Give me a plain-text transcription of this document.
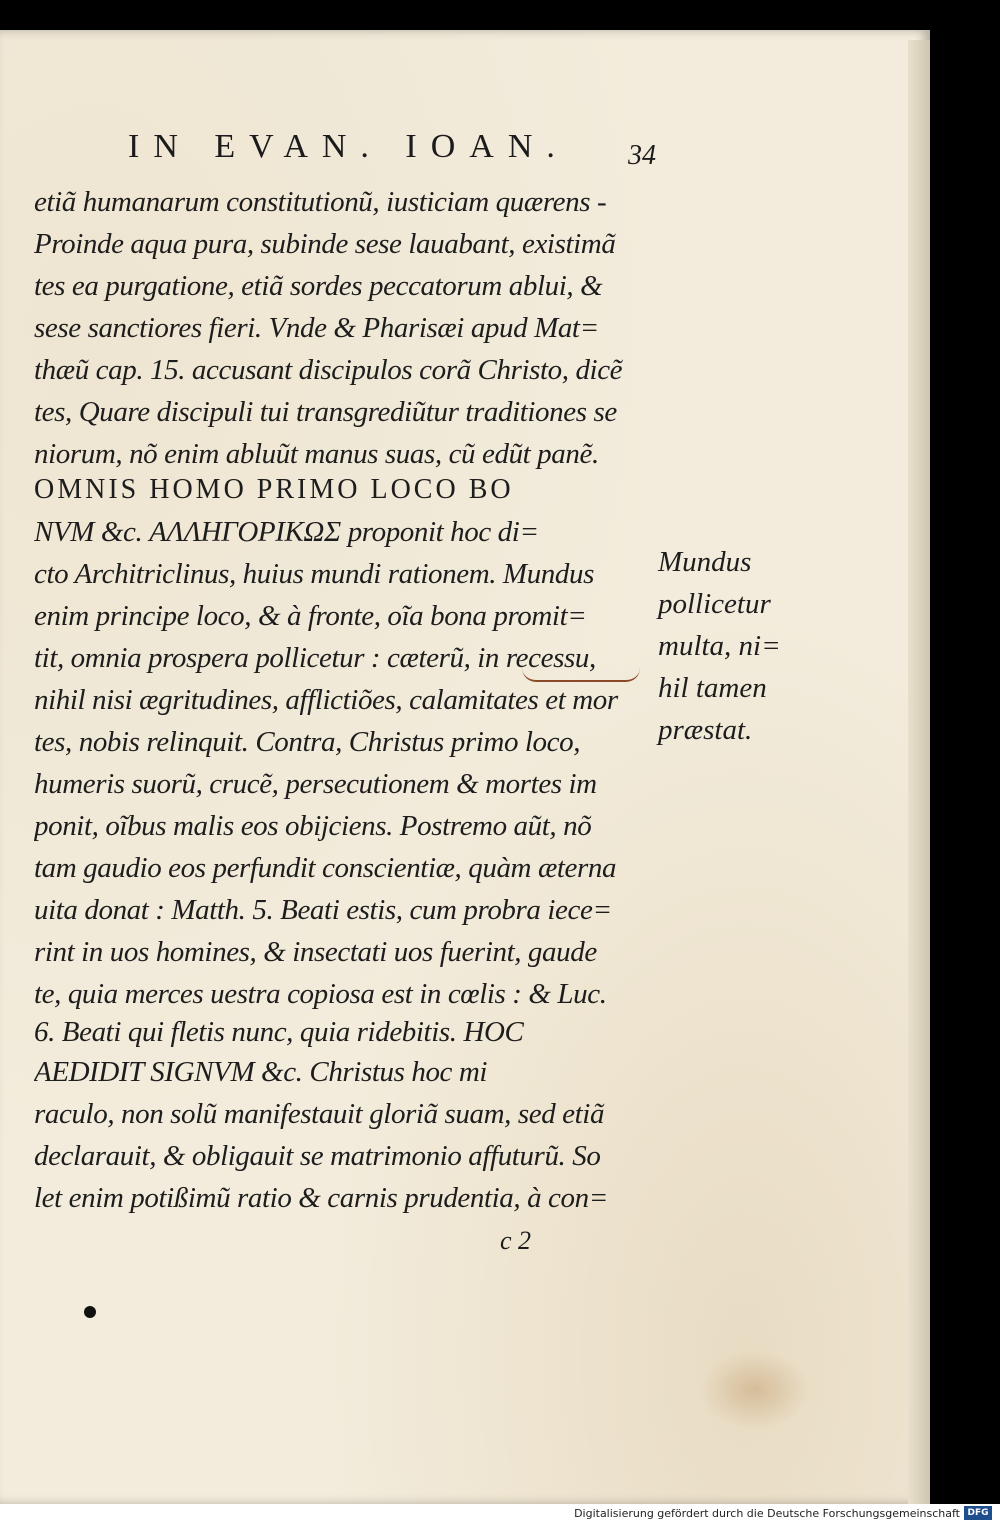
IN EVAN. IOAN. 34
etiã humanarum constitutionũ, iusticiam quærens -
Proinde aqua pura, subinde sese lauabant, existimã
tes ea purgatione, etiã sordes peccatorum ablui, &
sese sanctiores fieri. Vnde & Pharisæi apud Mat=
thæũ cap. 15. accusant discipulos corã Christo, dicẽ
tes, Quare discipuli tui transgrediũtur traditiones se
niorum, nõ enim abluũt manus suas, cũ edũt panẽ.
OMNIS HOMO PRIMO LOCO BO
NVM &c. ΑΛΛΗΓΟΡΙΚΩΣ proponit hoc di=
cto Architriclinus, huius mundi rationem. Mundus
enim principe loco, & à fronte, oĩa bona promit=
tit, omnia prospera pollicetur : cæterũ, in recessu,
nihil nisi ægritudines, afflictiões, calamitates et mor
tes, nobis relinquit. Contra, Christus primo loco,
humeris suorũ, crucẽ, persecutionem & mortes im
ponit, oĩbus malis eos obijciens. Postremo aũt, nõ
tam gaudio eos perfundit conscientiæ, quàm æterna
uita donat : Matth. 5. Beati estis, cum probra iece=
rint in uos homines, & insectati uos fuerint, gaude
te, quia merces uestra copiosa est in cœlis : & Luc.
6. Beati qui fletis nunc, quia ridebitis. HOC
AEDIDIT SIGNVM &c. Christus hoc mi
raculo, non solũ manifestauit gloriã suam, sed etiã
declarauit, & obligauit se matrimonio affuturũ. So
let enim potißimũ ratio & carnis prudentia, à con=
Mundus
pollicetur
multa, ni=
hil tamen
præstat.
c 2
Digitalisierung gefördert durch die Deutsche Forschungsgemeinschaft DFG
